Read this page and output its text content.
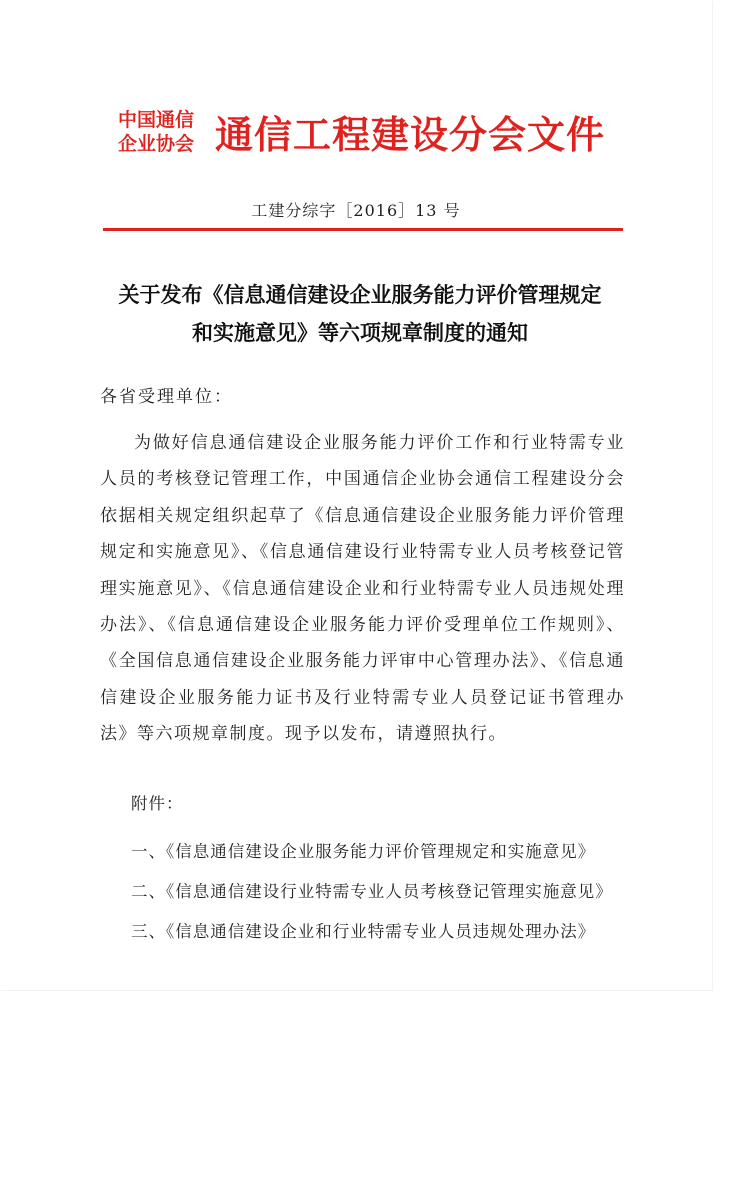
中国通信
企业协会 通信工程建设分会文件
工建分综字［2016］13 号
关于发布《信息通信建设企业服务能力评价管理规定
和实施意见》等六项规章制度的通知
各省受理单位：

为做好信息通信建设企业服务能力评价工作和行业特需专业人员的考核登记管理工作，中国通信企业协会通信工程建设分会依据相关规定组织起草了《信息通信建设企业服务能力评价管理规定和实施意见》、《信息通信建设行业特需专业人员考核登记管理实施意见》、《信息通信建设企业和行业特需专业人员违规处理办法》、《信息通信建设企业服务能力评价受理单位工作规则》、《全国信息通信建设企业服务能力评审中心管理办法》、《信息通信建设企业服务能力证书及行业特需专业人员登记证书管理办法》等六项规章制度。现予以发布，请遵照执行。

附件：
一、《信息通信建设企业服务能力评价管理规定和实施意见》
二、《信息通信建设行业特需专业人员考核登记管理实施意见》
三、《信息通信建设企业和行业特需专业人员违规处理办法》
